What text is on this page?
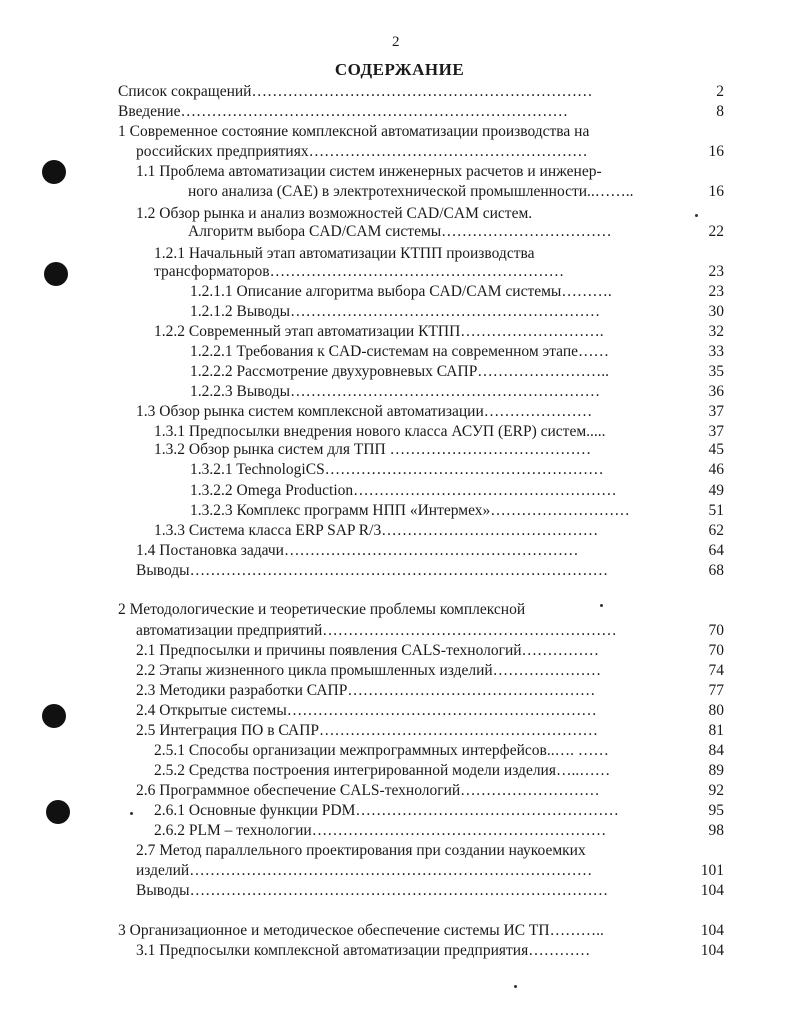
2
СОДЕРЖАНИЕ
Список сокращений…………………………………………………………	2
Введение…………………………………………………………………	8
1 Современное состояние комплексной автоматизации производства на
российских предприятиях………………………………………………	16
1.1 Проблема автоматизации систем инженерных расчетов и инженер-
ного анализа (CAE) в электротехнической промышленности..……..	16
1.2 Обзор рынка и анализ возможностей CAD/CAM систем.
Алгоритм выбора CAD/CAM системы……………………………	22
1.2.1 Начальный этап автоматизации КТПП производства
трансформаторов…………………………………………………	23
1.2.1.1 Описание алгоритма выбора CAD/CAM системы……….	23
1.2.1.2 Выводы……………………………………………………	30
1.2.2 Современный этап автоматизации КТПП……………………….	32
1.2.2.1 Требования к CAD-системам на современном этапе……	33
1.2.2.2 Рассмотрение двухуровневых САПР……………………..	35
1.2.2.3 Выводы……………………………………………………	36
1.3 Обзор рынка систем комплексной автоматизации…………………	37
1.3.1 Предпосылки внедрения нового класса АСУП (ERP) систем.....	37
1.3.2 Обзор рынка систем для ТПП …………………………………	45
1.3.2.1 TechnologiCS………………………………………………	46
1.3.2.2 Omega Production……………………………………………	49
1.3.2.3 Комплекс программ НПП «Интермех»………………………	51
1.3.3 Система класса ERP SAP R/3……………………………………	62
1.4 Постановка задачи…………………………………………………	64
Выводы………………………………………………………………………	68
2 Методологические и теоретические проблемы комплексной
автоматизации предприятий…………………………………………………	70
2.1 Предпосылки и причины появления CALS-технологий……………	70
2.2 Этапы жизненного цикла промышленных изделий…………………	74
2.3 Методики разработки САПР…………………………………………	77
2.4 Открытые системы……………………………………………………	80
2.5 Интеграция ПО в САПР………………………………………………	81
2.5.1 Способы организации межпрограммных интерфейсов..…. ……	84
2.5.2 Средства построения интегрированной модели изделия…..……	89
2.6 Программное обеспечение CALS-технологий………………………	92
2.6.1 Основные функции PDM……………………………………………	95
2.6.2 PLM – технологии…………………………………………………	98
2.7 Метод параллельного проектирования при создании наукоемких
изделий……………………………………………………………………	101
Выводы………………………………………………………………………	104
3 Организационное и методическое обеспечение системы ИС ТП………..	104
3.1 Предпосылки комплексной автоматизации предприятия…………	104
